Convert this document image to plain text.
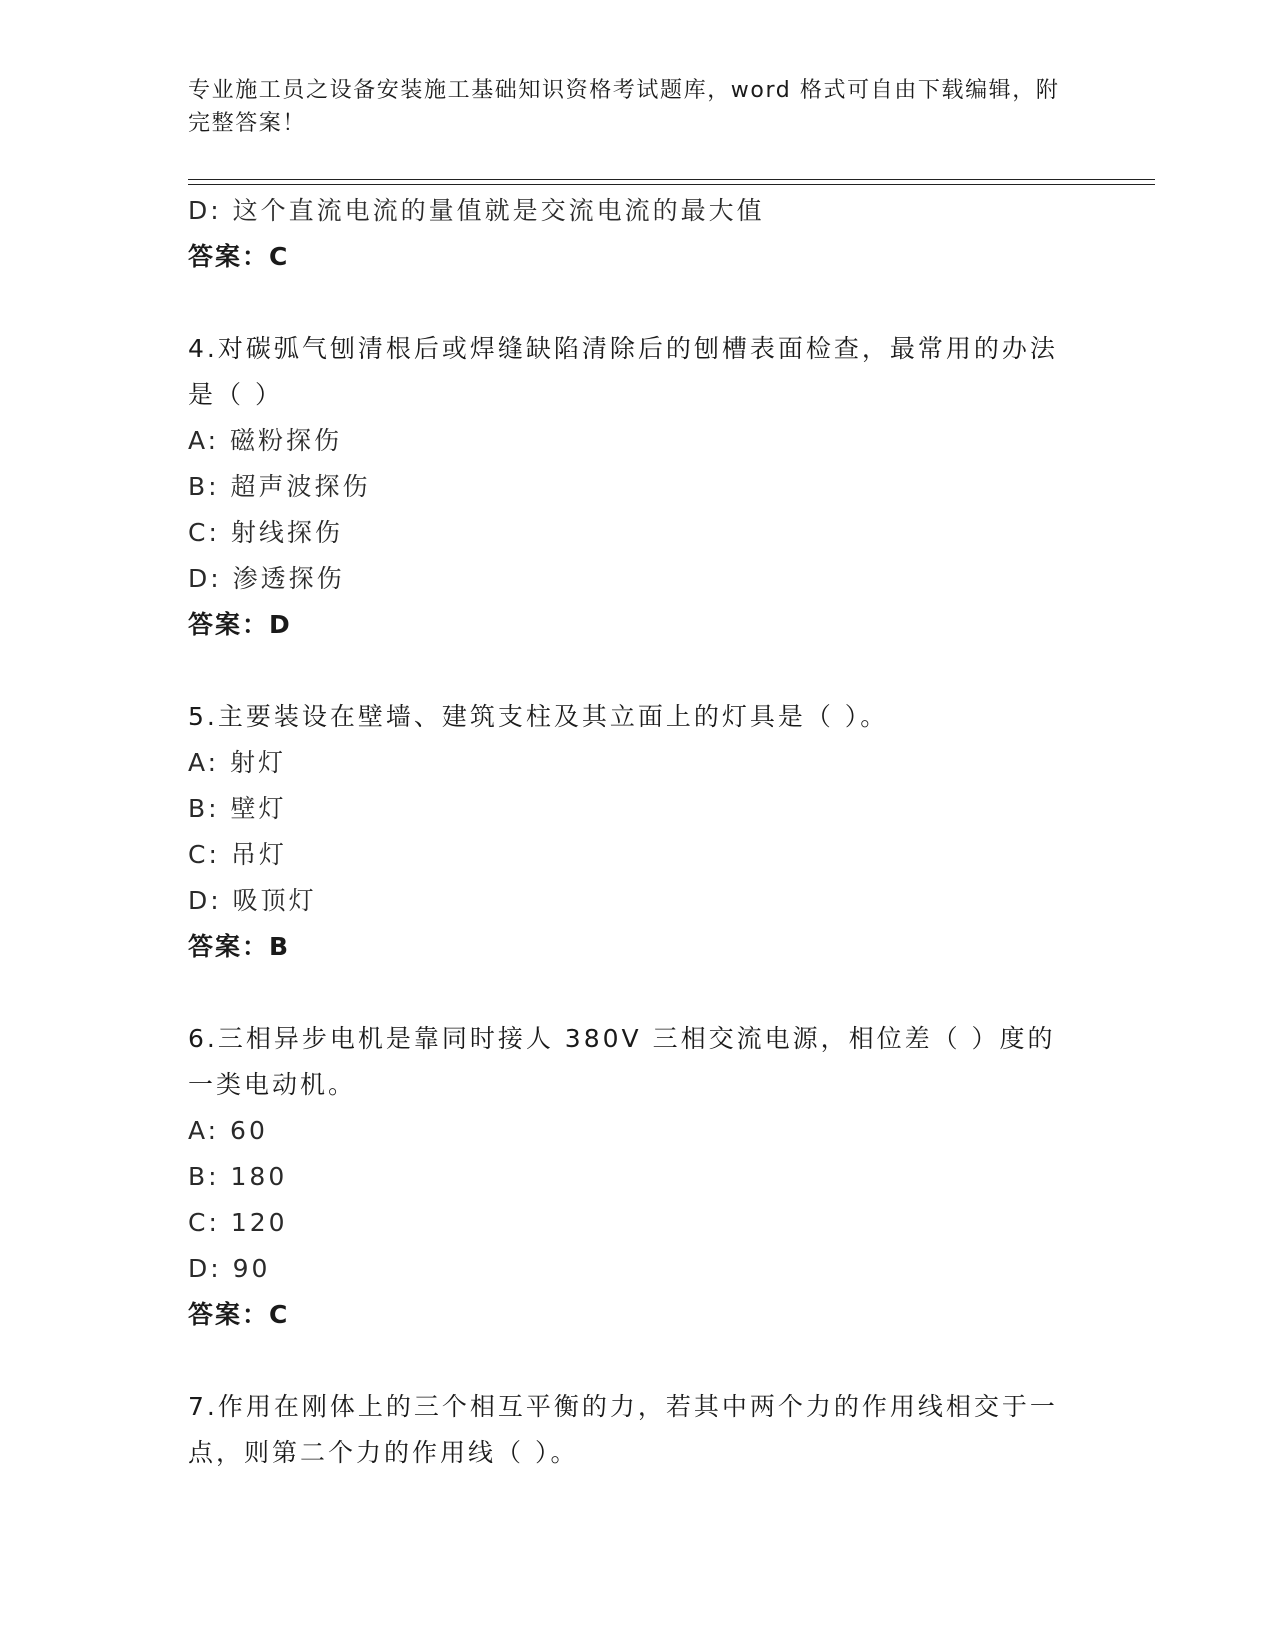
专业施工员之设备安装施工基础知识资格考试题库，word 格式可自由下载编辑，附完整答案！
D: 这个直流电流的量值就是交流电流的最大值
答案：C
4.对碳弧气刨清根后或焊缝缺陷清除后的刨槽表面检查，最常用的办法是（ ）
A: 磁粉探伤
B: 超声波探伤
C: 射线探伤
D: 渗透探伤
答案：D
5.主要装设在壁墙、建筑支柱及其立面上的灯具是（ ）。
A: 射灯
B: 壁灯
C: 吊灯
D: 吸顶灯
答案：B
6.三相异步电机是靠同时接人 380V 三相交流电源，相位差（ ）度的一类电动机。
A: 60
B: 180
C: 120
D: 90
答案：C
7.作用在刚体上的三个相互平衡的力，若其中两个力的作用线相交于一点，则第二个力的作用线（ ）。
